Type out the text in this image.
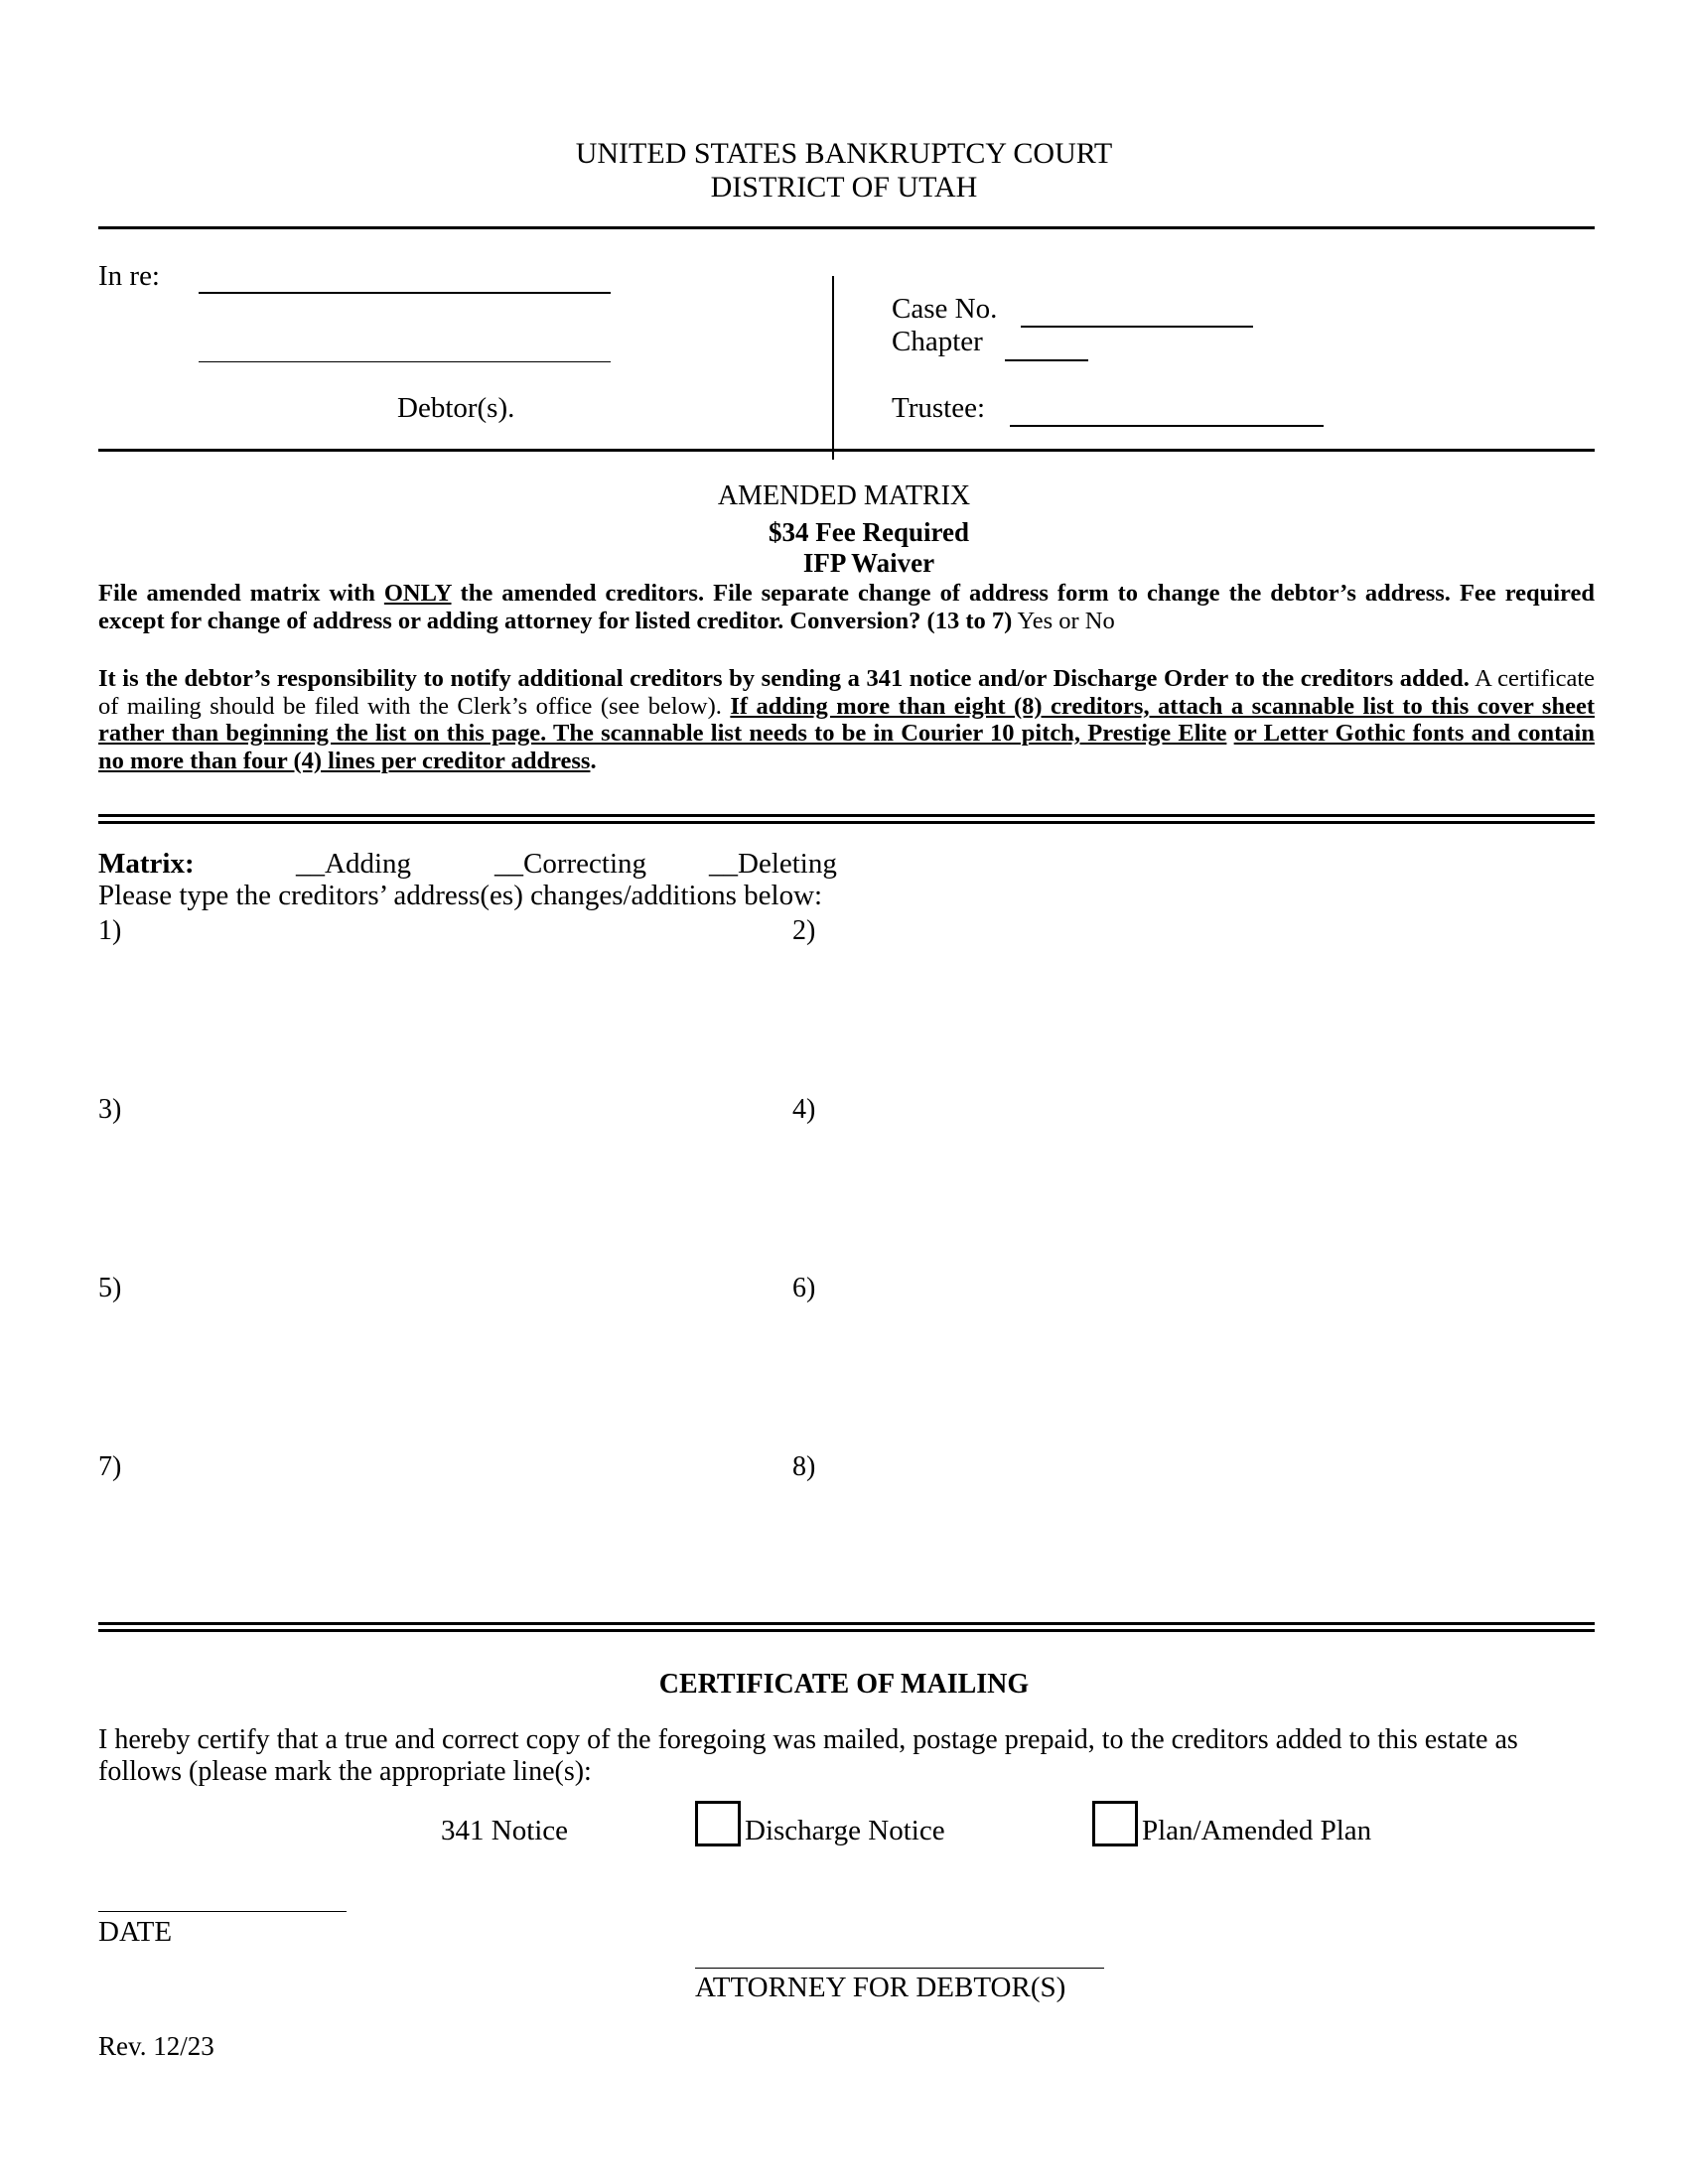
UNITED STATES BANKRUPTCY COURT
DISTRICT OF UTAH
In re:
Debtor(s).
Case No.
Chapter
Trustee:
AMENDED MATRIX
$34 Fee Required
IFP Waiver
File amended matrix with ONLY the amended creditors. File separate change of address form to change the debtor’s address. Fee required except for change of address or adding attorney for listed creditor. Conversion? (13 to 7) Yes or No
It is the debtor’s responsibility to notify additional creditors by sending a 341 notice and/or Discharge Order to the creditors added. A certificate of mailing should be filed with the Clerk’s office (see below). If adding more than eight (8) creditors, attach a scannable list to this cover sheet rather than beginning the list on this page. The scannable list needs to be in Courier 10 pitch, Prestige Elite or Letter Gothic fonts and contain no more than four (4) lines per creditor address.
Matrix:	__Adding	__Correcting __Deleting
Please type the creditors’ address(es) changes/additions below:
1)	2)
3)	4)
5)	6)
7)	8)
CERTIFICATE OF MAILING
I hereby certify that a true and correct copy of the foregoing was mailed, postage prepaid, to the creditors added to this estate as follows (please mark the appropriate line(s):
341 Notice	Discharge Notice	Plan/Amended Plan
DATE
ATTORNEY FOR DEBTOR(S)
Rev. 12/23
